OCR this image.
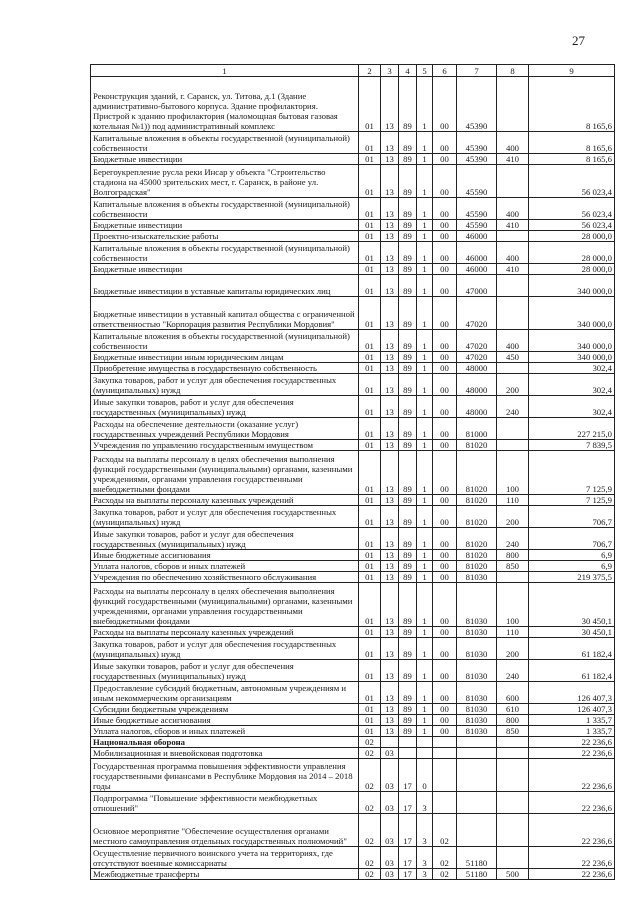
27
1	2	3	4	5	6	7	8	9
Реконструкция зданий, г. Саранск, ул. Титова, д.1 (Здание административно-бытового корпуса. Здание профилактория. Пристрой к зданию профилактория (маломощная бытовая газовая котельная №1)) под административный комплекс	01	13	89	1	00	45390		8 165,6
Капитальные вложения в объекты государственной (муниципальной) собственности	01	13	89	1	00	45390	400	8 165,6
Бюджетные инвестиции	01	13	89	1	00	45390	410	8 165,6
Берегоукрепление русла реки Инсар у объекта "Строительство стадиона на 45000 зрительских мест, г. Саранск, в районе ул. Волгоградская"	01	13	89	1	00	45590		56 023,4
Капитальные вложения в объекты государственной (муниципальной) собственности	01	13	89	1	00	45590	400	56 023,4
Бюджетные инвестиции	01	13	89	1	00	45590	410	56 023,4
Проектно-изыскательские работы	01	13	89	1	00	46000		28 000,0
Капитальные вложения в объекты государственной (муниципальной) собственности	01	13	89	1	00	46000	400	28 000,0
Бюджетные инвестиции	01	13	89	1	00	46000	410	28 000,0
Бюджетные инвестиции в уставные капиталы юридических лиц	01	13	89	1	00	47000		340 000,0
Бюджетные инвестиции в уставный капитал общества с ограниченной ответственностью "Корпорация развития Республики Мордовия"	01	13	89	1	00	47020		340 000,0
Капитальные вложения в объекты государственной (муниципальной) собственности	01	13	89	1	00	47020	400	340 000,0
Бюджетные инвестиции иным юридическим лицам	01	13	89	1	00	47020	450	340 000,0
Приобретение имущества в государственную собственность	01	13	89	1	00	48000		302,4
Закупка товаров, работ и услуг для обеспечения государственных (муниципальных) нужд	01	13	89	1	00	48000	200	302,4
Иные закупки товаров, работ и услуг для обеспечения государственных (муниципальных) нужд	01	13	89	1	00	48000	240	302,4
Расходы на обеспечение деятельности (оказание услуг) государственных учреждений Республики Мордовия	01	13	89	1	00	81000		227 215,0
Учреждения по управлению государственным имуществом	01	13	89	1	00	81020		7 839,5
Расходы на выплаты персоналу в целях обеспечения выполнения функций государственными (муниципальными) органами, казенными учреждениями, органами управления государственными внебюджетными фондами	01	13	89	1	00	81020	100	7 125,9
Расходы на выплаты персоналу казенных учреждений	01	13	89	1	00	81020	110	7 125,9
Закупка товаров, работ и услуг для обеспечения государственных (муниципальных) нужд	01	13	89	1	00	81020	200	706,7
Иные закупки товаров, работ и услуг для обеспечения государственных (муниципальных) нужд	01	13	89	1	00	81020	240	706,7
Иные бюджетные ассигнования	01	13	89	1	00	81020	800	6,9
Уплата налогов, сборов и иных платежей	01	13	89	1	00	81020	850	6,9
Учреждения по обеспечению хозяйственного обслуживания	01	13	89	1	00	81030		219 375,5
Расходы на выплаты персоналу в целях обеспечения выполнения функций государственными (муниципальными) органами, казенными учреждениями, органами управления государственными внебюджетными фондами	01	13	89	1	00	81030	100	30 450,1
Расходы на выплаты персоналу казенных учреждений	01	13	89	1	00	81030	110	30 450,1
Закупка товаров, работ и услуг для обеспечения государственных (муниципальных) нужд	01	13	89	1	00	81030	200	61 182,4
Иные закупки товаров, работ и услуг для обеспечения государственных (муниципальных) нужд	01	13	89	1	00	81030	240	61 182,4
Предоставление субсидий бюджетным, автономным учреждениям и иным некоммерческим организациям	01	13	89	1	00	81030	600	126 407,3
Субсидии бюджетным учреждениям	01	13	89	1	00	81030	610	126 407,3
Иные бюджетные ассигнования	01	13	89	1	00	81030	800	1 335,7
Уплата налогов, сборов и иных платежей	01	13	89	1	00	81030	850	1 335,7
Национальная оборона	02							22 236,6
Мобилизационная и вневойсковая подготовка	02	03						22 236,6
Государственная программа повышения эффективности управления государственными финансами в Республике Мордовия на 2014 – 2018 годы	02	03	17	0				22 236,6
Подпрограмма "Повышение эффективности межбюджетных отношений"	02	03	17	3				22 236,6
Основное мероприятие "Обеспечение осуществления органами местного самоуправления отдельных государственных полномочий"	02	03	17	3	02			22 236,6
Осуществление первичного воинского учета на территориях, где отсутствуют военные комиссариаты	02	03	17	3	02	51180		22 236,6
Межбюджетные трансферты	02	03	17	3	02	51180	500	22 236,6
